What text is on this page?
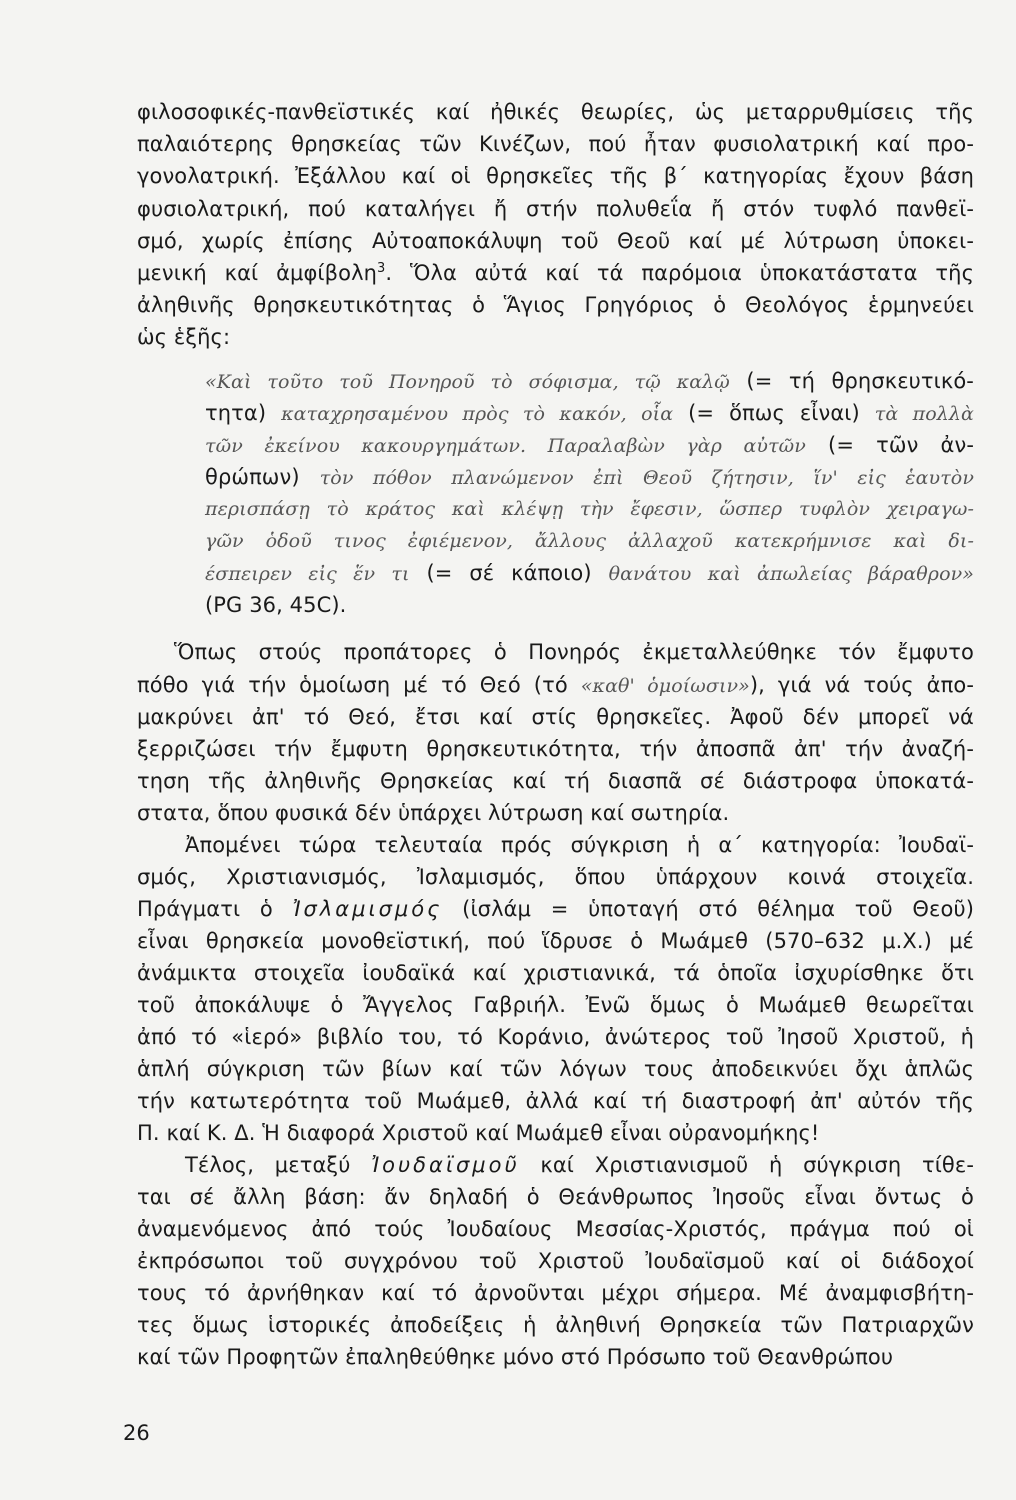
φιλοσοφικές-πανθεϊστικές καί ἠθικές θεωρίες, ὡς μεταρρυθμίσεις τῆς
παλαιότερης θρησκείας τῶν Κινέζων, πού ἦταν φυσιολατρική καί προ-
γονολατρική. Ἐξάλλου καί οἱ θρησκεῖες τῆς β΄ κατηγορίας ἔχουν βάση
φυσιολατρική, πού καταλήγει ἤ στήν πολυθεΐα ἤ στόν τυφλό πανθεϊ-
σμό, χωρίς ἐπίσης Αὐτοαποκάλυψη τοῦ Θεοῦ καί μέ λύτρωση ὑποκει-
μενική καί ἀμφίβολη$^3$. Ὅλα αὐτά καί τά παρόμοια ὑποκατάστατα τῆς
ἀληθινῆς θρησκευτικότητας ὁ Ἅγιος Γρηγόριος ὁ Θεολόγος ἑρμηνεύει
ὡς ἑξῆς:
«Καὶ τοῦτο τοῦ Πονηροῦ τὸ σόφισμα, τῷ καλῷ (= τή θρησκευτικό-
τητα) καταχρησαμένου πρὸς τὸ κακόν, οἷα (= ὅπως εἶναι) τὰ πολλὰ
τῶν ἐκείνου κακουργημάτων. Παραλαβὼν γὰρ αὐτῶν (= τῶν ἀν-
θρώπων) τὸν πόθον πλανώμενον ἐπὶ Θεοῦ ζήτησιν, ἵν' εἰς ἑαυτὸν
περισπάσῃ τὸ κράτος καὶ κλέψῃ τὴν ἔφεσιν, ὥσπερ τυφλὸν χειραγω-
γῶν ὁδοῦ τινος ἐφιέμενον, ἄλλους ἀλλαχοῦ κατεκρήμνισε καὶ δι-
έσπειρεν εἰς ἕν τι (= σέ κάποιο) θανάτου καὶ ἀπωλείας βάραθρον»
(PG 36, 45C).
Ὅπως στούς προπάτορες ὁ Πονηρός ἐκμεταλλεύθηκε τόν ἔμφυτο
πόθο γιά τήν ὁμοίωση μέ τό Θεό (τό «καθ' ὁμοίωσιν»), γιά νά τούς ἀπο-
μακρύνει ἀπ' τό Θεό, ἔτσι καί στίς θρησκεῖες. Ἀφοῦ δέν μπορεῖ νά
ξερριζώσει τήν ἔμφυτη θρησκευτικότητα, τήν ἀποσπᾶ ἀπ' τήν ἀναζή-
τηση τῆς ἀληθινῆς Θρησκείας καί τή διασπᾶ σέ διάστροφα ὑποκατά-
στατα, ὅπου φυσικά δέν ὑπάρχει λύτρωση καί σωτηρία.
Ἀπομένει τώρα τελευταία πρός σύγκριση ἡ α΄ κατηγορία: Ἰουδαϊ-
σμός, Χριστιανισμός, Ἰσλαμισμός, ὅπου ὑπάρχουν κοινά στοιχεῖα.
Πράγματι ὁ Ἰσλαμισμός (ἰσλάμ = ὑποταγή στό θέλημα τοῦ Θεοῦ)
εἶναι θρησκεία μονοθεϊστική, πού ἵδρυσε ὁ Μωάμεθ (570–632 μ.Χ.) μέ
ἀνάμικτα στοιχεῖα ἰουδαϊκά καί χριστιανικά, τά ὁποῖα ἰσχυρίσθηκε ὅτι
τοῦ ἀποκάλυψε ὁ Ἄγγελος Γαβριήλ. Ἐνῶ ὅμως ὁ Μωάμεθ θεωρεῖται
ἀπό τό «ἱερό» βιβλίο του, τό Κοράνιο, ἀνώτερος τοῦ Ἰησοῦ Χριστοῦ, ἡ
ἁπλή σύγκριση τῶν βίων καί τῶν λόγων τους ἀποδεικνύει ὄχι ἁπλῶς
τήν κατωτερότητα τοῦ Μωάμεθ, ἀλλά καί τή διαστροφή ἀπ' αὐτόν τῆς
Π. καί Κ. Δ. Ἡ διαφορά Χριστοῦ καί Μωάμεθ εἶναι οὐρανομήκης!
Τέλος, μεταξύ Ἰουδαϊσμοῦ καί Χριστιανισμοῦ ἡ σύγκριση τίθε-
ται σέ ἄλλη βάση: ἄν δηλαδή ὁ Θεάνθρωπος Ἰησοῦς εἶναι ὄντως ὁ
ἀναμενόμενος ἀπό τούς Ἰουδαίους Μεσσίας-Χριστός, πράγμα πού οἱ
ἐκπρόσωποι τοῦ συγχρόνου τοῦ Χριστοῦ Ἰουδαϊσμοῦ καί οἱ διάδοχοί
τους τό ἀρνήθηκαν καί τό ἀρνοῦνται μέχρι σήμερα. Μέ ἀναμφισβήτη-
τες ὅμως ἱστορικές ἀποδείξεις ἡ ἀληθινή Θρησκεία τῶν Πατριαρχῶν
καί τῶν Προφητῶν ἐπαληθεύθηκε μόνο στό Πρόσωπο τοῦ Θεανθρώπου
26
